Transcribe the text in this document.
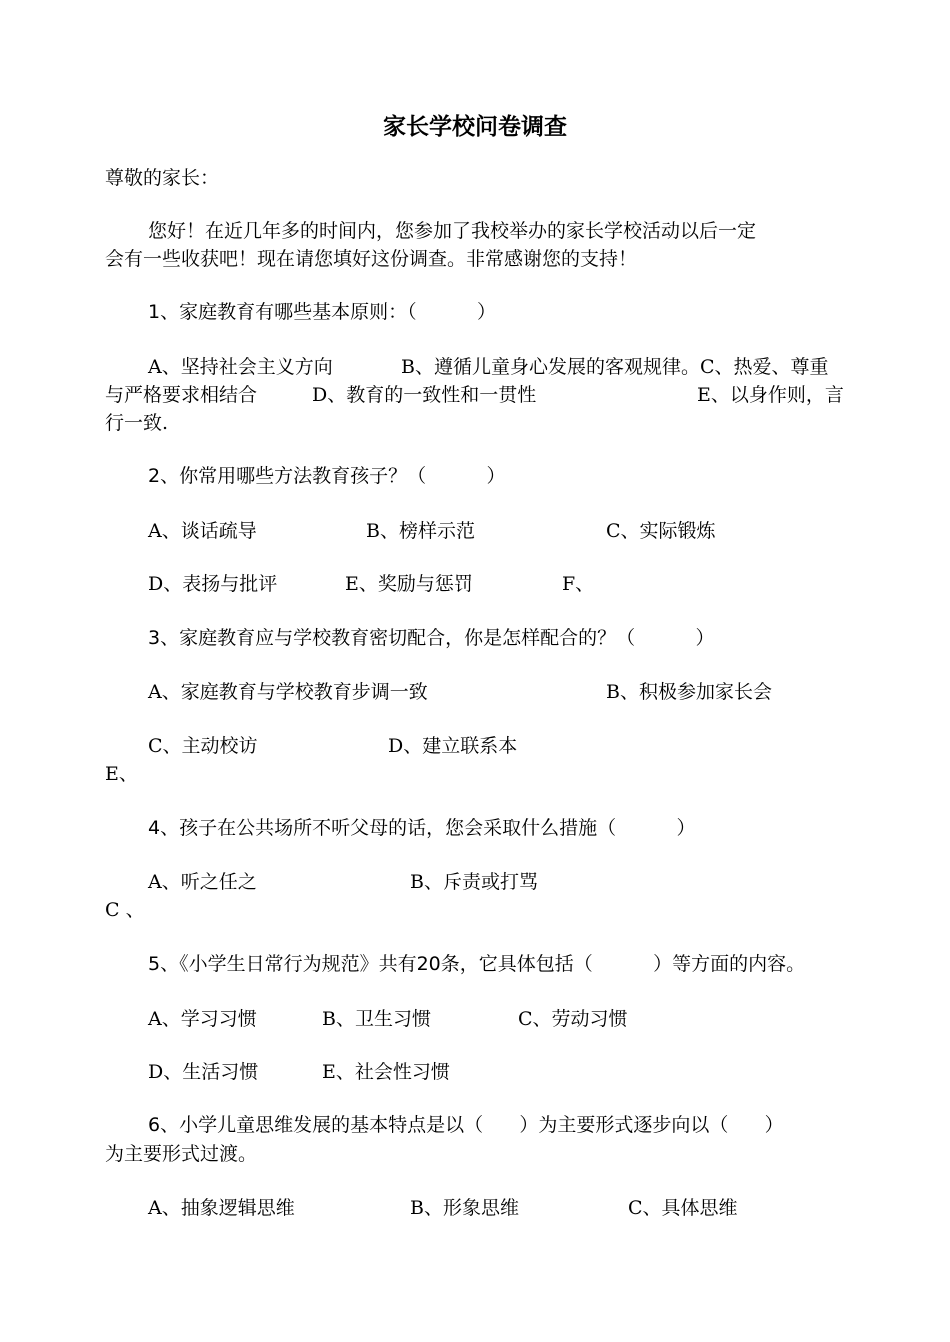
家长学校问卷调查
尊敬的家长：
您好！在近几年多的时间内，您参加了我校举办的家长学校活动以后一定
会有一些收获吧！现在请您填好这份调查。非常感谢您的支持！
1、家庭教育有哪些基本原则：（          ）
A、坚持社会主义方向	B、遵循儿童身心发展的客观规律。C、热爱、尊重
与严格要求相结合	D、教育的一致性和一贯性	E、以身作则，言
行一致.
2、你常用哪些方法教育孩子？（          ）
A、谈话疏导	B、榜样示范	C、实际锻炼
D、表扬与批评	E、奖励与惩罚	F、
3、家庭教育应与学校教育密切配合，你是怎样配合的？（          ）
A、家庭教育与学校教育步调一致	B、积极参加家长会
C、主动校访	D、建立联系本
E、
4、孩子在公共场所不听父母的话，您会采取什么措施（          ）
A、听之任之	B、斥责或打骂
C 、
5、《小学生日常行为规范》共有20条，它具体包括（          ）等方面的内容。
A、学习习惯	B、卫生习惯	C、劳动习惯
D、生活习惯	E、社会性习惯
6、小学儿童思维发展的基本特点是以（      ）为主要形式逐步向以（      ）
为主要形式过渡。
A、抽象逻辑思维	B、形象思维	C、具体思维
